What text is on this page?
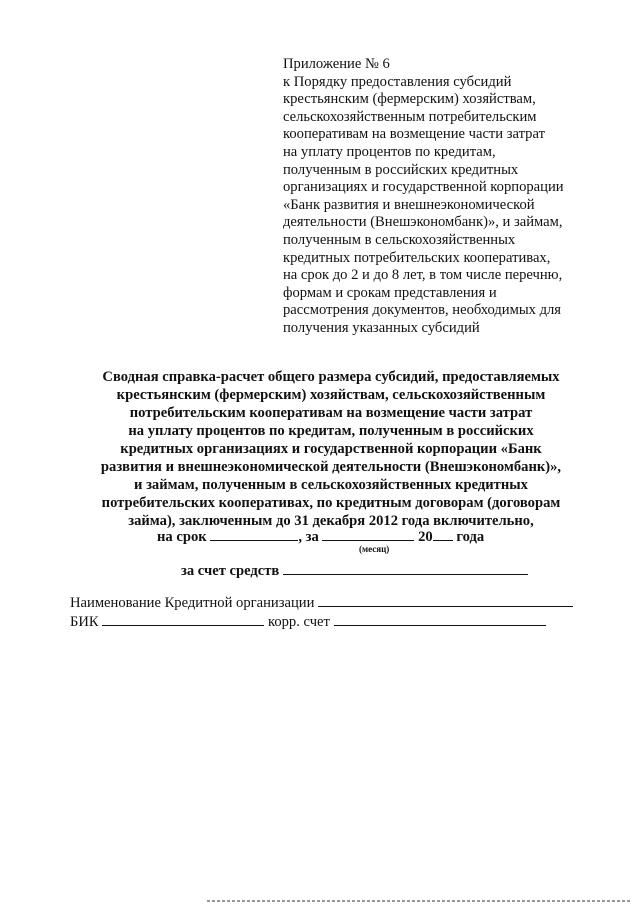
Приложение № 6
к Порядку предоставления субсидий
крестьянским (фермерским) хозяйствам,
сельскохозяйственным потребительским
кооперативам на возмещение части затрат
на уплату процентов по кредитам,
полученным в российских кредитных
организациях и государственной корпорации
«Банк развития и внешнеэкономической
деятельности (Внешэкономбанк)», и займам,
полученным в сельскохозяйственных
кредитных потребительских кооперативах,
на срок до 2 и до 8 лет, в том числе перечню,
формам и срокам представления и
рассмотрения документов, необходимых для
получения указанных субсидий
Сводная справка-расчет общего размера субсидий, предоставляемых
крестьянским (фермерским) хозяйствам, сельскохозяйственным
потребительским кооперативам на возмещение части затрат
на уплату процентов по кредитам, полученным в российских
кредитных организациях и государственной корпорации «Банк
развития и внешнеэкономической деятельности (Внешэкономбанк)»,
и займам, полученным в сельскохозяйственных кредитных
потребительских кооперативах, по кредитным договорам (договорам
займа), заключенным до 31 декабря 2012 года включительно,
на срок	, за	20 года
(месяц)
за счет средств
Наименование Кредитной организации
БИК	корр. счет
